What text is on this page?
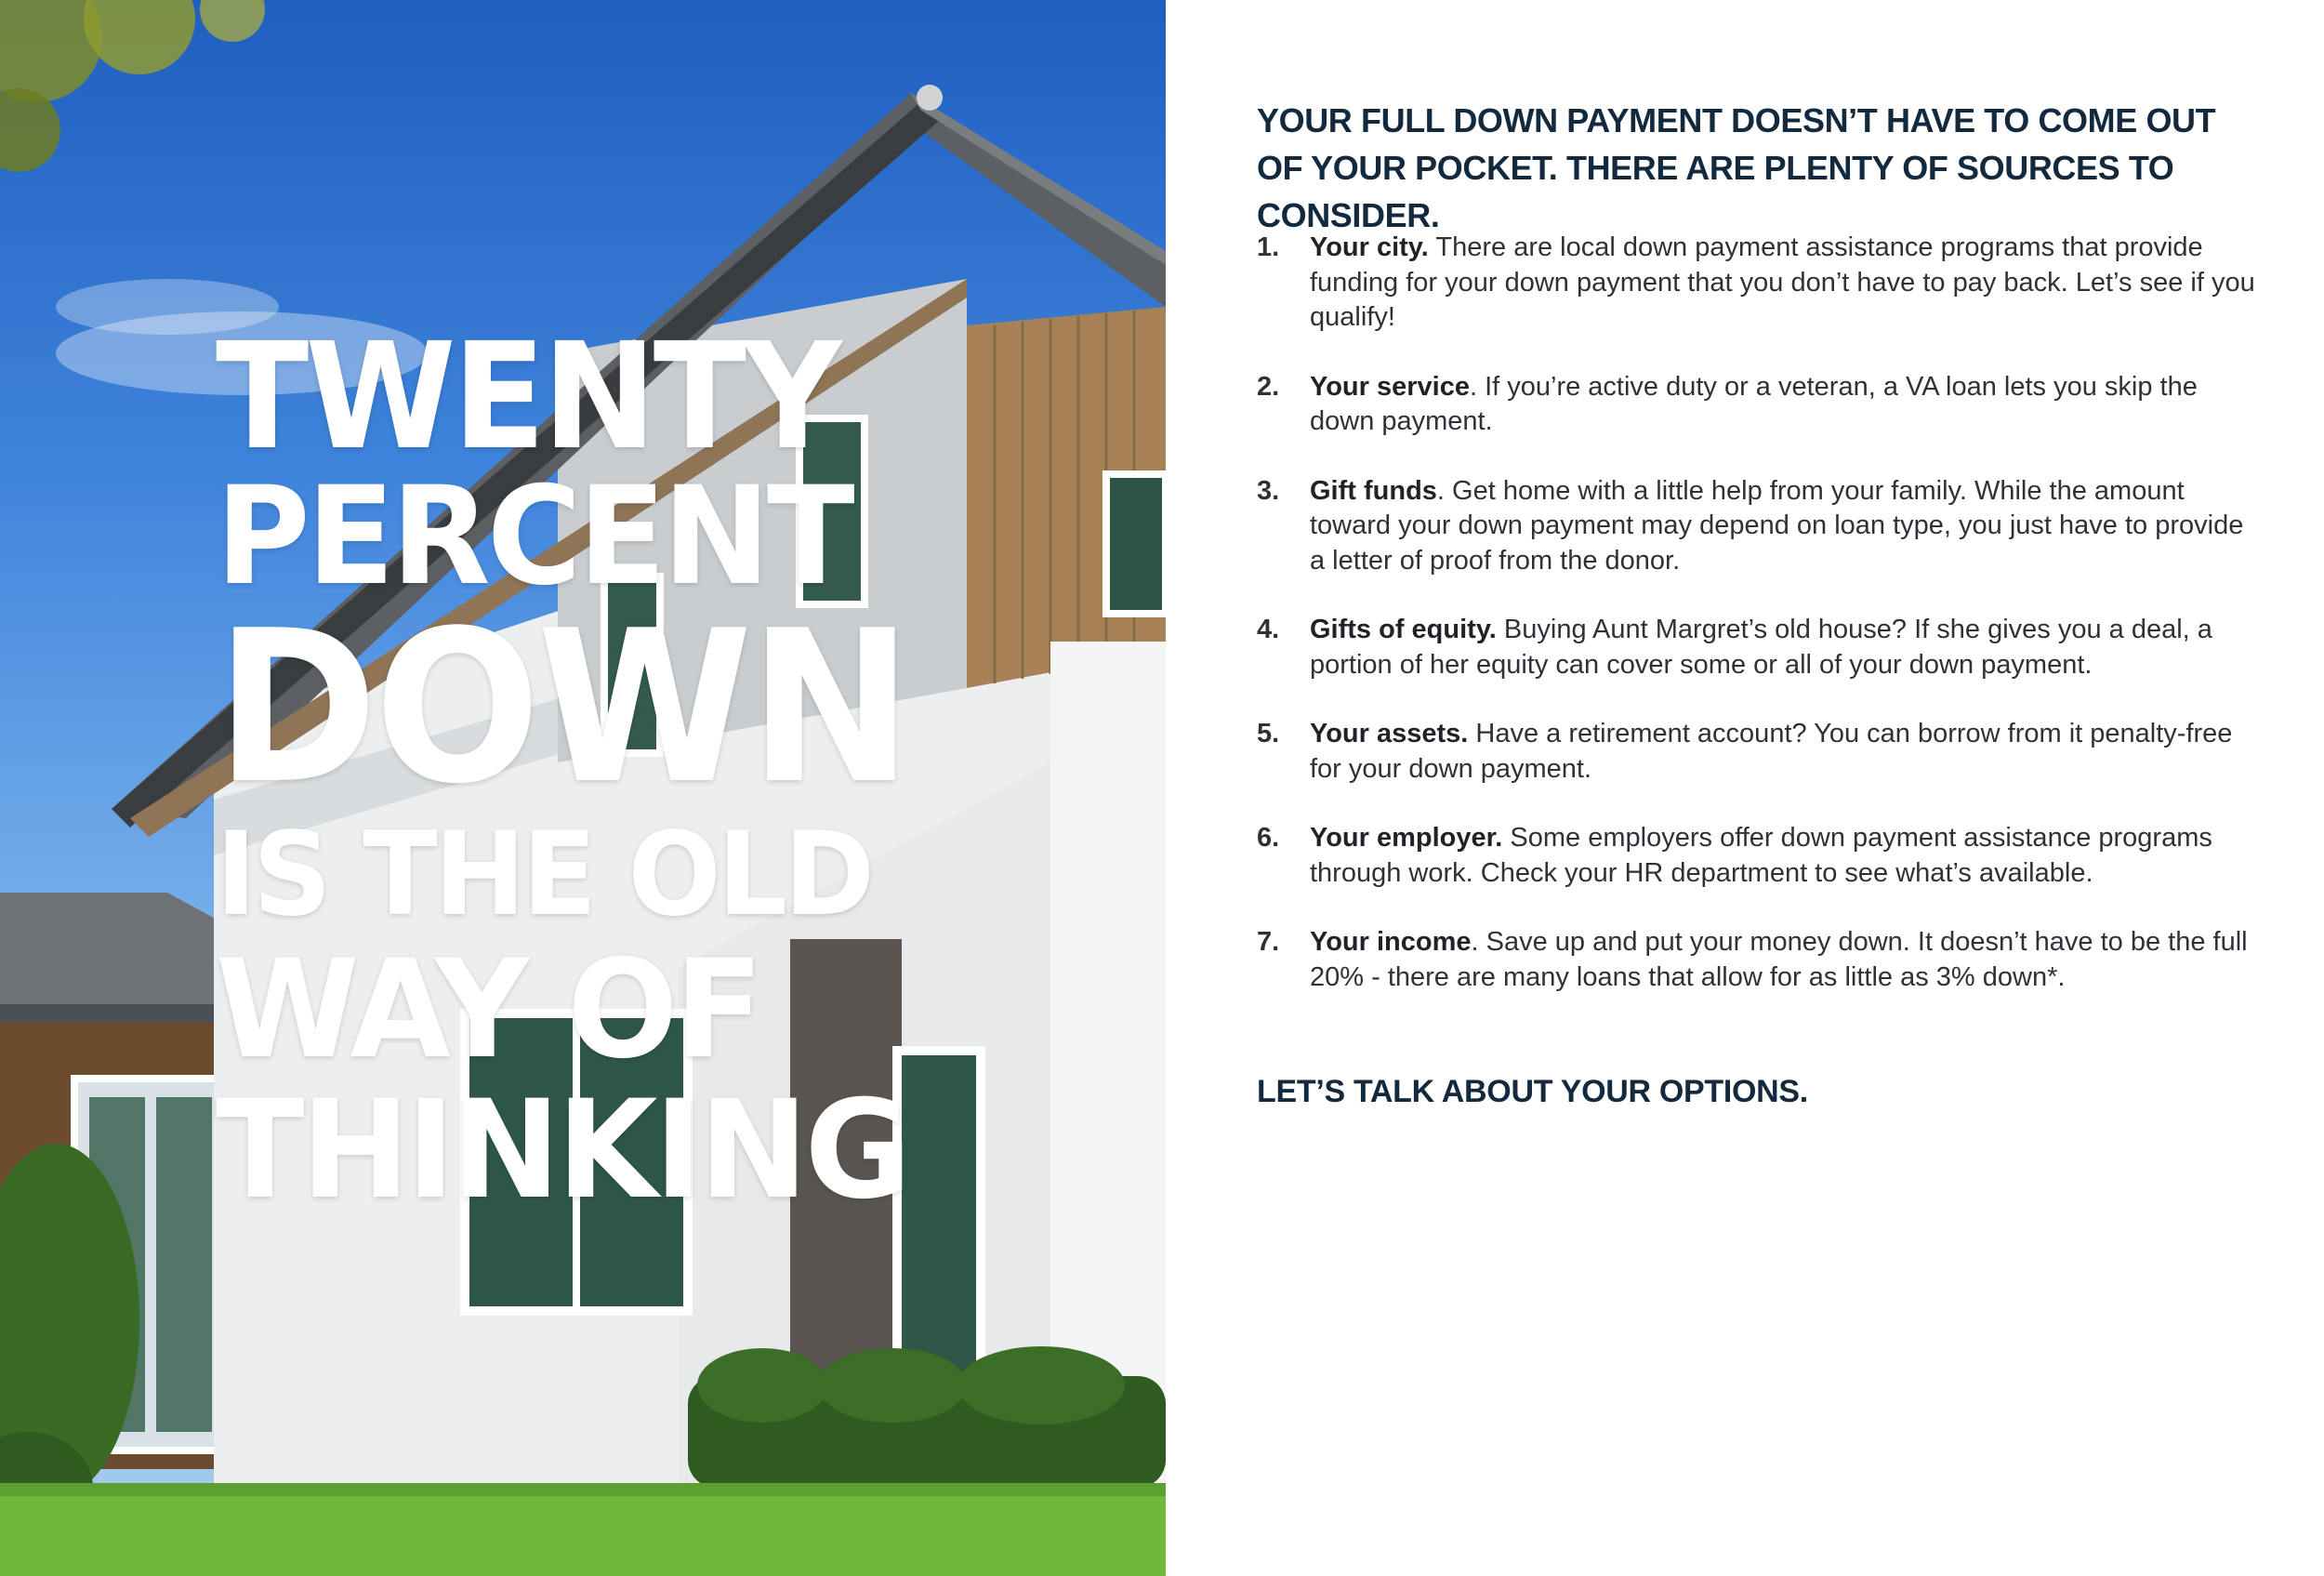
TWENTY
PERCENT
DOWN
IS THE OLD
WAY OF
THINKING
YOUR FULL DOWN PAYMENT DOESN’T HAVE TO COME OUT OF YOUR POCKET. THERE ARE PLENTY OF SOURCES TO CONSIDER.
1. Your city. There are local down payment assistance programs that provide funding for your down payment that you don’t have to pay back. Let’s see if you qualify!
2. Your service. If you’re active duty or a veteran, a VA loan lets you skip the down payment.
3. Gift funds. Get home with a little help from your family. While the amount toward your down payment may depend on loan type, you just have to provide a letter of proof from the donor.
4. Gifts of equity. Buying Aunt Margret’s old house? If she gives you a deal, a portion of her equity can cover some or all of your down payment.
5. Your assets. Have a retirement account? You can borrow from it penalty-free for your down payment.
6. Your employer. Some employers offer down payment assistance programs through work. Check your HR department to see what’s available.
7. Your income. Save up and put your money down. It doesn’t have to be the full 20% - there are many loans that allow for as little as 3% down*.
LET’S TALK ABOUT YOUR OPTIONS.
